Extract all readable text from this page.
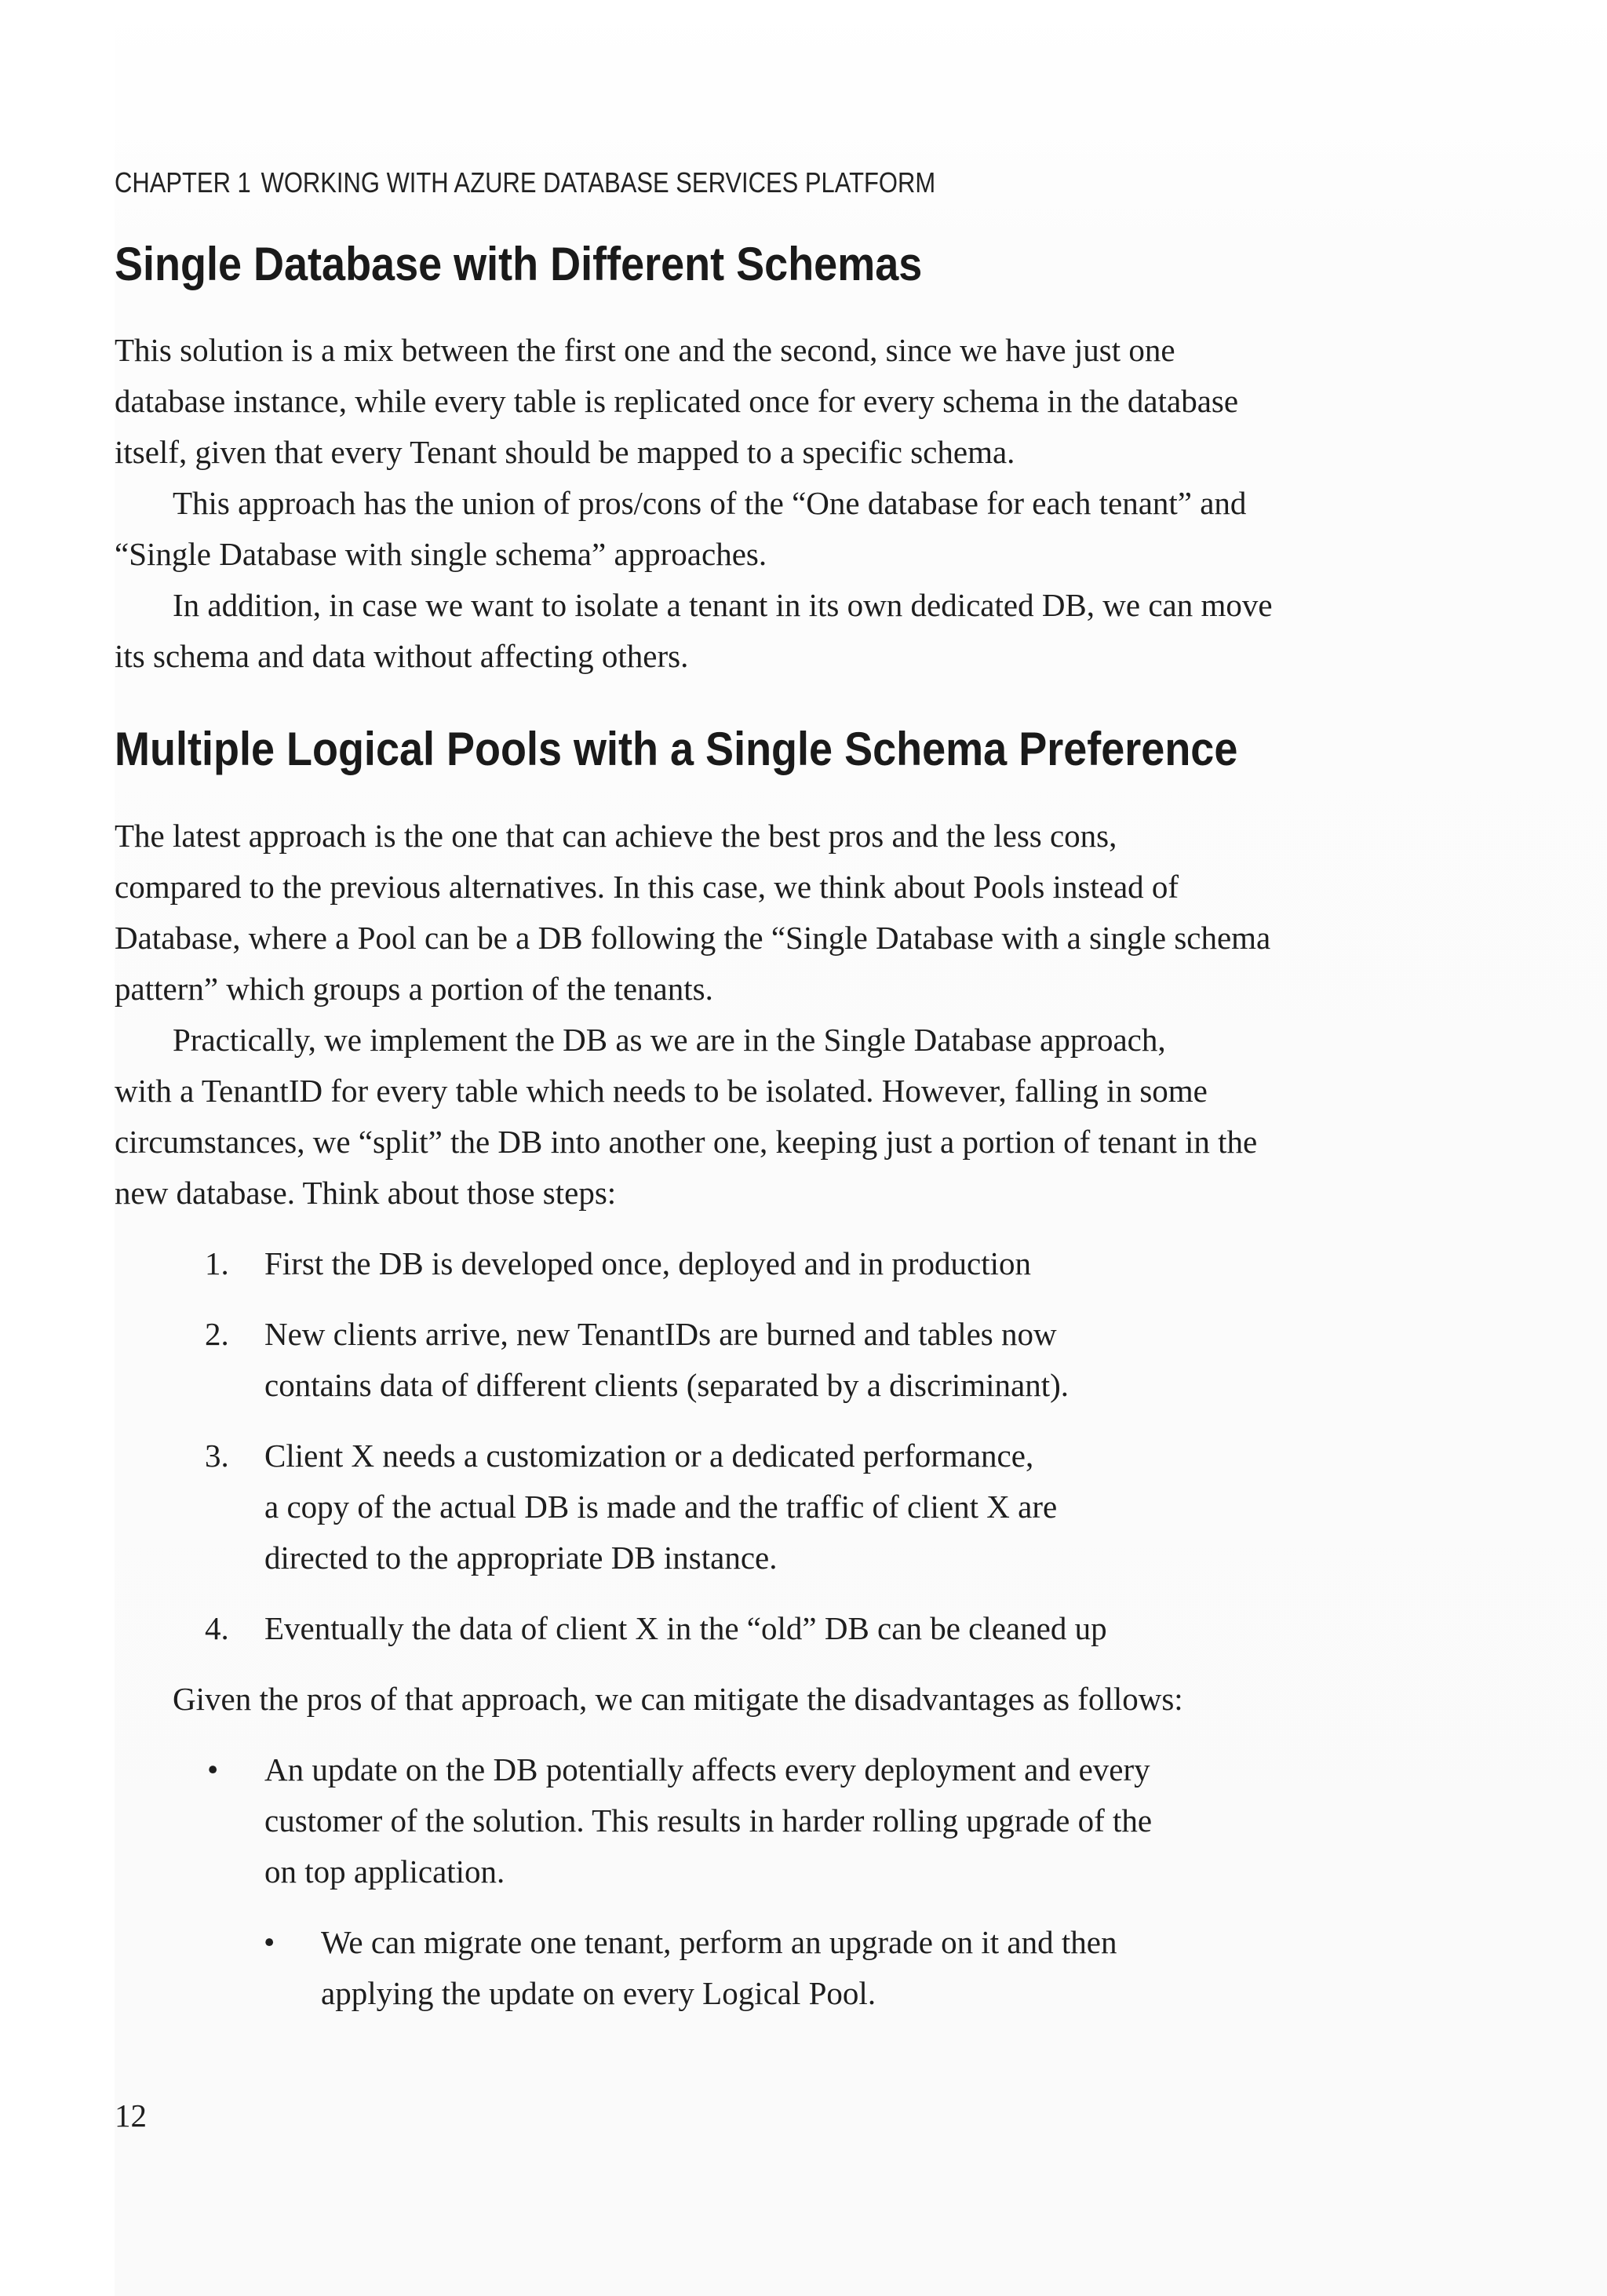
CHAPTER 1 WORKING WITH AZURE DATABASE SERVICES PLATFORM
Single Database with Different Schemas
This solution is a mix between the first one and the second, since we have just one
database instance, while every table is replicated once for every schema in the database
itself, given that every Tenant should be mapped to a specific schema.
This approach has the union of pros/cons of the “One database for each tenant” and
“Single Database with single schema” approaches.
In addition, in case we want to isolate a tenant in its own dedicated DB, we can move
its schema and data without affecting others.
Multiple Logical Pools with a Single Schema Preference
The latest approach is the one that can achieve the best pros and the less cons,
compared to the previous alternatives. In this case, we think about Pools instead of
Database, where a Pool can be a DB following the “Single Database with a single schema
pattern” which groups a portion of the tenants.
Practically, we implement the DB as we are in the Single Database approach,
with a TenantID for every table which needs to be isolated. However, falling in some
circumstances, we “split” the DB into another one, keeping just a portion of tenant in the
new database. Think about those steps:
1. First the DB is developed once, deployed and in production
2. New clients arrive, new TenantIDs are burned and tables now
contains data of different clients (separated by a discriminant).
3. Client X needs a customization or a dedicated performance,
a copy of the actual DB is made and the traffic of client X are
directed to the appropriate DB instance.
4. Eventually the data of client X in the “old” DB can be cleaned up
Given the pros of that approach, we can mitigate the disadvantages as follows:
• An update on the DB potentially affects every deployment and every
customer of the solution. This results in harder rolling upgrade of the
on top application.
• We can migrate one tenant, perform an upgrade on it and then
applying the update on every Logical Pool.
12
